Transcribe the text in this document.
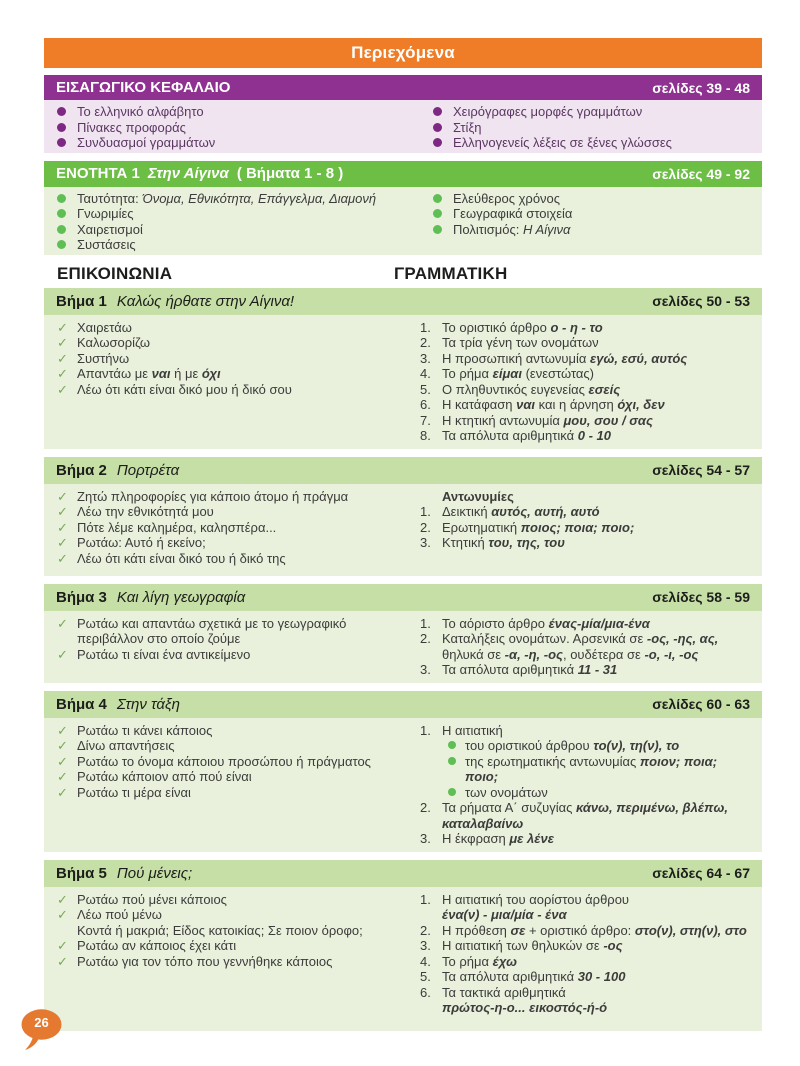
Περιεχόμενα
ΕΙΣΑΓΩΓΙΚΟ ΚΕΦΑΛΑΙΟ	σελίδες 39 - 48
Το ελληνικό αλφάβητο
Πίνακες προφοράς
Συνδυασμοί γραμμάτων
Χειρόγραφες μορφές γραμμάτων
Στίξη
Ελληνογενείς λέξεις σε ξένες γλώσσες
ΕΝΟΤΗΤΑ 1 Στην Αίγινα ( Βήματα 1 - 8 )	σελίδες 49 - 92
Ταυτότητα: Όνομα, Εθνικότητα, Επάγγελμα, Διαμονή
Γνωριμίες
Χαιρετισμοί
Συστάσεις
Ελεύθερος χρόνος
Γεωγραφικά στοιχεία
Πολιτισμός: Η Αίγινα
ΕΠΙΚΟΙΝΩΝΙΑ	ΓΡΑΜΜΑΤΙΚΗ
Βήμα 1 Καλώς ήρθατε στην Αίγινα!	σελίδες 50 - 53
✓ Χαιρετάω
✓ Καλωσορίζω
✓ Συστήνω
✓ Απαντάω με ναι ή με όχι
✓ Λέω ότι κάτι είναι δικό μου ή δικό σου
Το οριστικό άρθρο ο - η - το
Τα τρία γένη των ονομάτων
Η προσωπική αντωνυμία εγώ, εσύ, αυτός
Το ρήμα είμαι (ενεστώτας)
Ο πληθυντικός ευγενείας εσείς
Η κατάφαση ναι και η άρνηση όχι, δεν
Η κτητική αντωνυμία μου, σου / σας
Τα απόλυτα αριθμητικά 0 - 10
Βήμα 2 Πορτρέτα	σελίδες 54 - 57
✓ Ζητώ πληροφορίες για κάποιο άτομο ή πράγμα
✓ Λέω την εθνικότητά μου
✓ Πότε λέμε καλημέρα, καλησπέρα...
✓ Ρωτάω: Αυτό ή εκείνο;
✓ Λέω ότι κάτι είναι δικό του ή δικό της
Αντωνυμίες
Δεικτική αυτός, αυτή, αυτό
Ερωτηματική ποιος; ποια; ποιο;
Κτητική του, της, του
Βήμα 3 Και λίγη γεωγραφία	σελίδες 58 - 59
✓ Ρωτάω και απαντάω σχετικά με το γεωγραφικό
περιβάλλον στο οποίο ζούμε
✓ Ρωτάω τι είναι ένα αντικείμενο
Το αόριστο άρθρο ένας-μία/μια-ένα
Καταλήξεις ονομάτων. Αρσενικά σε -ος, -ης, ας,
θηλυκά σε -α, -η, -ος, ουδέτερα σε -ο, -ι, -ος
Τα απόλυτα αριθμητικά 11 - 31
Βήμα 4 Στην τάξη	σελίδες 60 - 63
✓ Ρωτάω τι κάνει κάποιος
✓ Δίνω απαντήσεις
✓ Ρωτάω το όνομα κάποιου προσώπου ή πράγματος
✓ Ρωτάω κάποιον από πού είναι
✓ Ρωτάω τι μέρα είναι
Η αιτιατική
του οριστικού άρθρου το(ν), τη(ν), το
της ερωτηματικής αντωνυμίας ποιον; ποια; ποιο;
των ονομάτων
Τα ρήματα Α΄ συζυγίας κάνω, περιμένω, βλέπω,
καταλαβαίνω
Η έκφραση με λένε
Βήμα 5 Πού μένεις;	σελίδες 64 - 67
✓ Ρωτάω πού μένει κάποιος
✓ Λέω πού μένω
Κοντά ή μακριά; Είδος κατοικίας; Σε ποιον όροφο;
✓ Ρωτάω αν κάποιος έχει κάτι
✓ Ρωτάω για τον τόπο που γεννήθηκε κάποιος
Η αιτιατική του αορίστου άρθρου
ένα(ν) - μια/μία - ένα
Η πρόθεση σε + οριστικό άρθρο: στο(ν), στη(ν), στο
Η αιτιατική των θηλυκών σε -ος
Το ρήμα έχω
Τα απόλυτα αριθμητικά 30 - 100
Τα τακτικά αριθμητικά
πρώτος-η-ο... εικοστός-ή-ό
26
